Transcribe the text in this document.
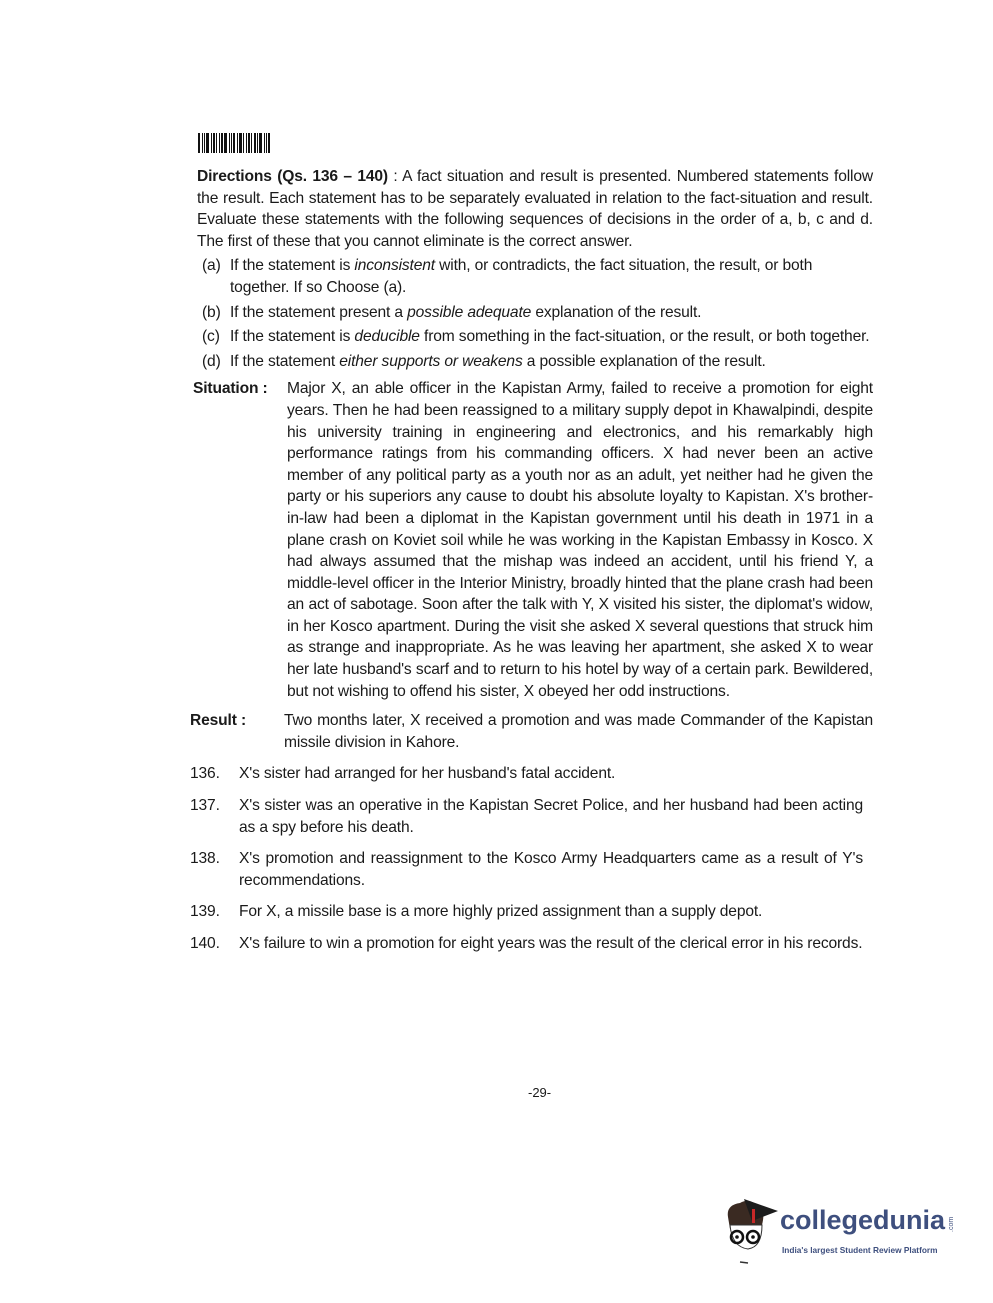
Directions (Qs. 136 – 140) : A fact situation and result is presented. Numbered statements follow the result. Each statement has to be separately evaluated in relation to the fact-situation and result. Evaluate these statements with the following sequences of decisions in the order of a, b, c and d. The first of these that you cannot eliminate is the correct answer.
(a) If the statement is inconsistent with, or contradicts, the fact situation, the result, or both together. If so Choose (a).
(b) If the statement present a possible adequate explanation of the result.
(c) If the statement is deducible from something in the fact-situation, or the result, or both together.
(d) If the statement either supports or weakens a possible explanation of the result.
Situation :	Major X, an able officer in the Kapistan Army, failed to receive a promotion for eight years. Then he had been reassigned to a military supply depot in Khawalpindi, despite his university training in engineering and electronics, and his remarkably high performance ratings from his commanding officers. X had never been an active member of any political party as a youth nor as an adult, yet neither had he given the party or his superiors any cause to doubt his absolute loyalty to Kapistan. X's brother-in-law had been a diplomat in the Kapistan government until his death in 1971 in a plane crash on Koviet soil while he was working in the Kapistan Embassy in Kosco. X had always assumed that the mishap was indeed an accident, until his friend Y, a middle-level officer in the Interior Ministry, broadly hinted that the plane crash had been an act of sabotage. Soon after the talk with Y, X visited his sister, the diplomat's widow, in her Kosco apartment. During the visit she asked X several questions that struck him as strange and inappropriate. As he was leaving her apartment, she asked X to wear her late husband's scarf and to return to his hotel by way of a certain park. Bewildered, but not wishing to offend his sister, X obeyed her odd instructions.
Result :	Two months later, X received a promotion and was made Commander of the Kapistan missile division in Kahore.
136.	X's sister had arranged for her husband's fatal accident.
137.	X's sister was an operative in the Kapistan Secret Police, and her husband had been acting as a spy before his death.
138.	X's promotion and reassignment to the Kosco Army Headquarters came as a result of Y's recommendations.
139.	For X, a missile base is a more highly prized assignment than a supply depot.
140.	X's failure to win a promotion for eight years was the result of the clerical error in his records.
-29-
collegedunia .com
India's largest Student Review Platform
